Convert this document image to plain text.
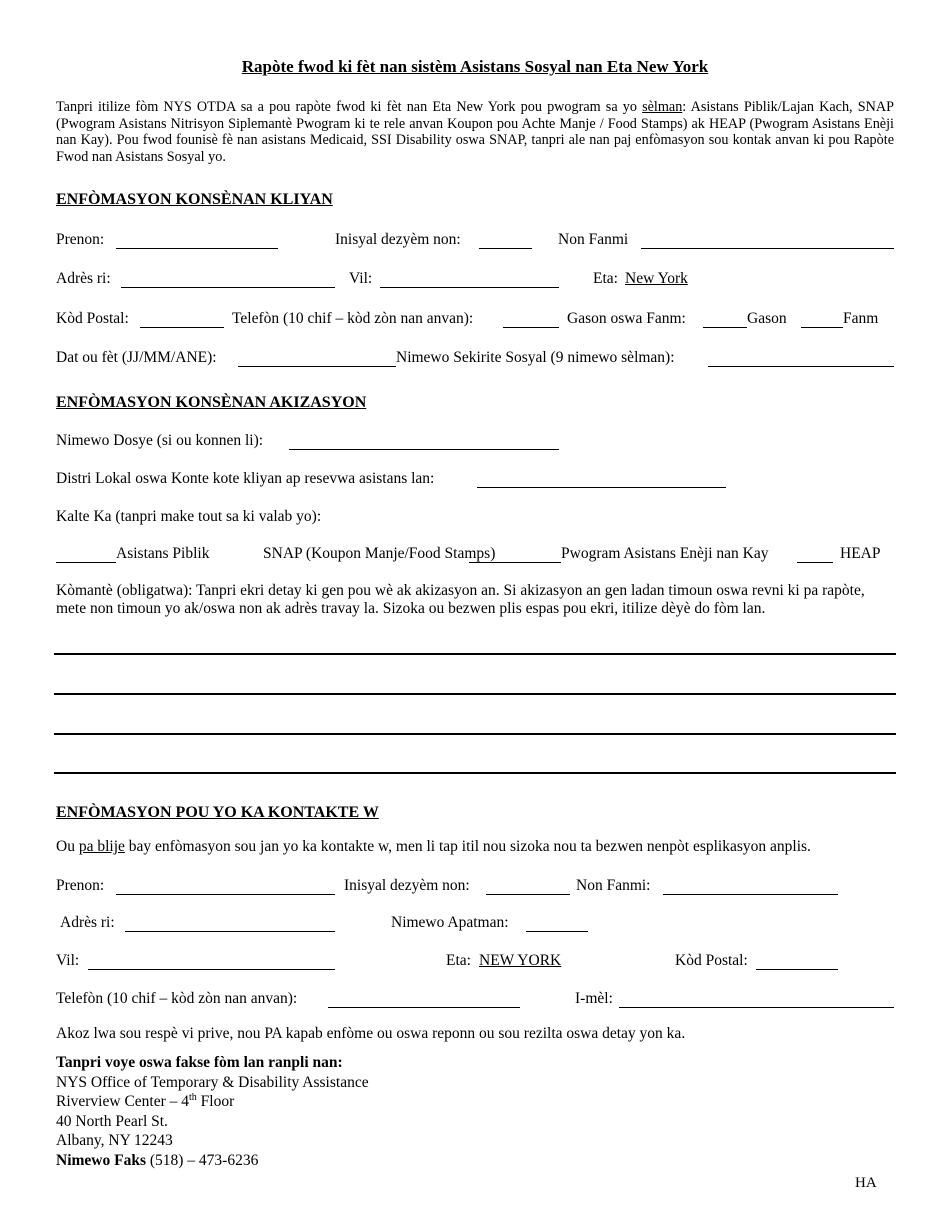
Rapòte fwod ki fèt nan sistèm Asistans Sosyal nan Eta New York
Tanpri itilize fòm NYS OTDA sa a pou rapòte fwod ki fèt nan Eta New York pou pwogram sa yo sèlman: Asistans Piblik/Lajan Kach, SNAP (Pwogram Asistans Nitrisyon Siplemantè Pwogram ki te rele anvan Koupon pou Achte Manje / Food Stamps) ak HEAP (Pwogram Asistans Enèji nan Kay). Pou fwod founisè fè nan asistans Medicaid, SSI Disability oswa SNAP, tanpri ale nan paj enfòmasyon sou kontak anvan ki pou Rapòte Fwod nan Asistans Sosyal yo.
ENFÒMASYON KONSÈNAN KLIYAN
Prenon:	Inisyal dezyèm non:	Non Fanmi
Adrès ri:	Vil:	Eta: New York
Kòd Postal:	Telefòn (10 chif – kòd zòn nan anvan):	Gason oswa Fanm:	Gason	Fanm
Dat ou fèt (JJ/MM/ANE):	Nimewo Sekirite Sosyal (9 nimewo sèlman):
ENFÒMASYON KONSÈNAN AKIZASYON
Nimewo Dosye (si ou konnen li):
Distri Lokal oswa Konte kote kliyan ap resevwa asistans lan:
Kalte Ka (tanpri make tout sa ki valab yo):
Asistans Piblik	SNAP (Koupon Manje/Food Stamps)	Pwogram Asistans Enèji nan Kay	HEAP
Kòmantè (obligatwa): Tanpri ekri detay ki gen pou wè ak akizasyon an. Si akizasyon an gen ladan timoun oswa revni ki pa rapòte, mete non timoun yo ak/oswa non ak adrès travay la. Sizoka ou bezwen plis espas pou ekri, itilize dèyè do fòm lan.
ENFÒMASYON POU YO KA KONTAKTE W
Ou pa blije bay enfòmasyon sou jan yo ka kontakte w, men li tap itil nou sizoka nou ta bezwen nenpòt esplikasyon anplis.
Prenon:	Inisyal dezyèm non:	Non Fanmi:
Adrès ri:	Nimewo Apatman:
Vil:	Eta: NEW YORK	Kòd Postal:
Telefòn (10 chif – kòd zòn nan anvan):	I-mèl:
Akoz lwa sou respè vi prive, nou PA kapab enfòme ou oswa reponn ou sou rezilta oswa detay yon ka.
Tanpri voye oswa fakse fòm lan ranpli nan:
NYS Office of Temporary & Disability Assistance
Riverview Center – 4th Floor
40 North Pearl St.
Albany, NY 12243
Nimewo Faks (518) – 473-6236
HA
